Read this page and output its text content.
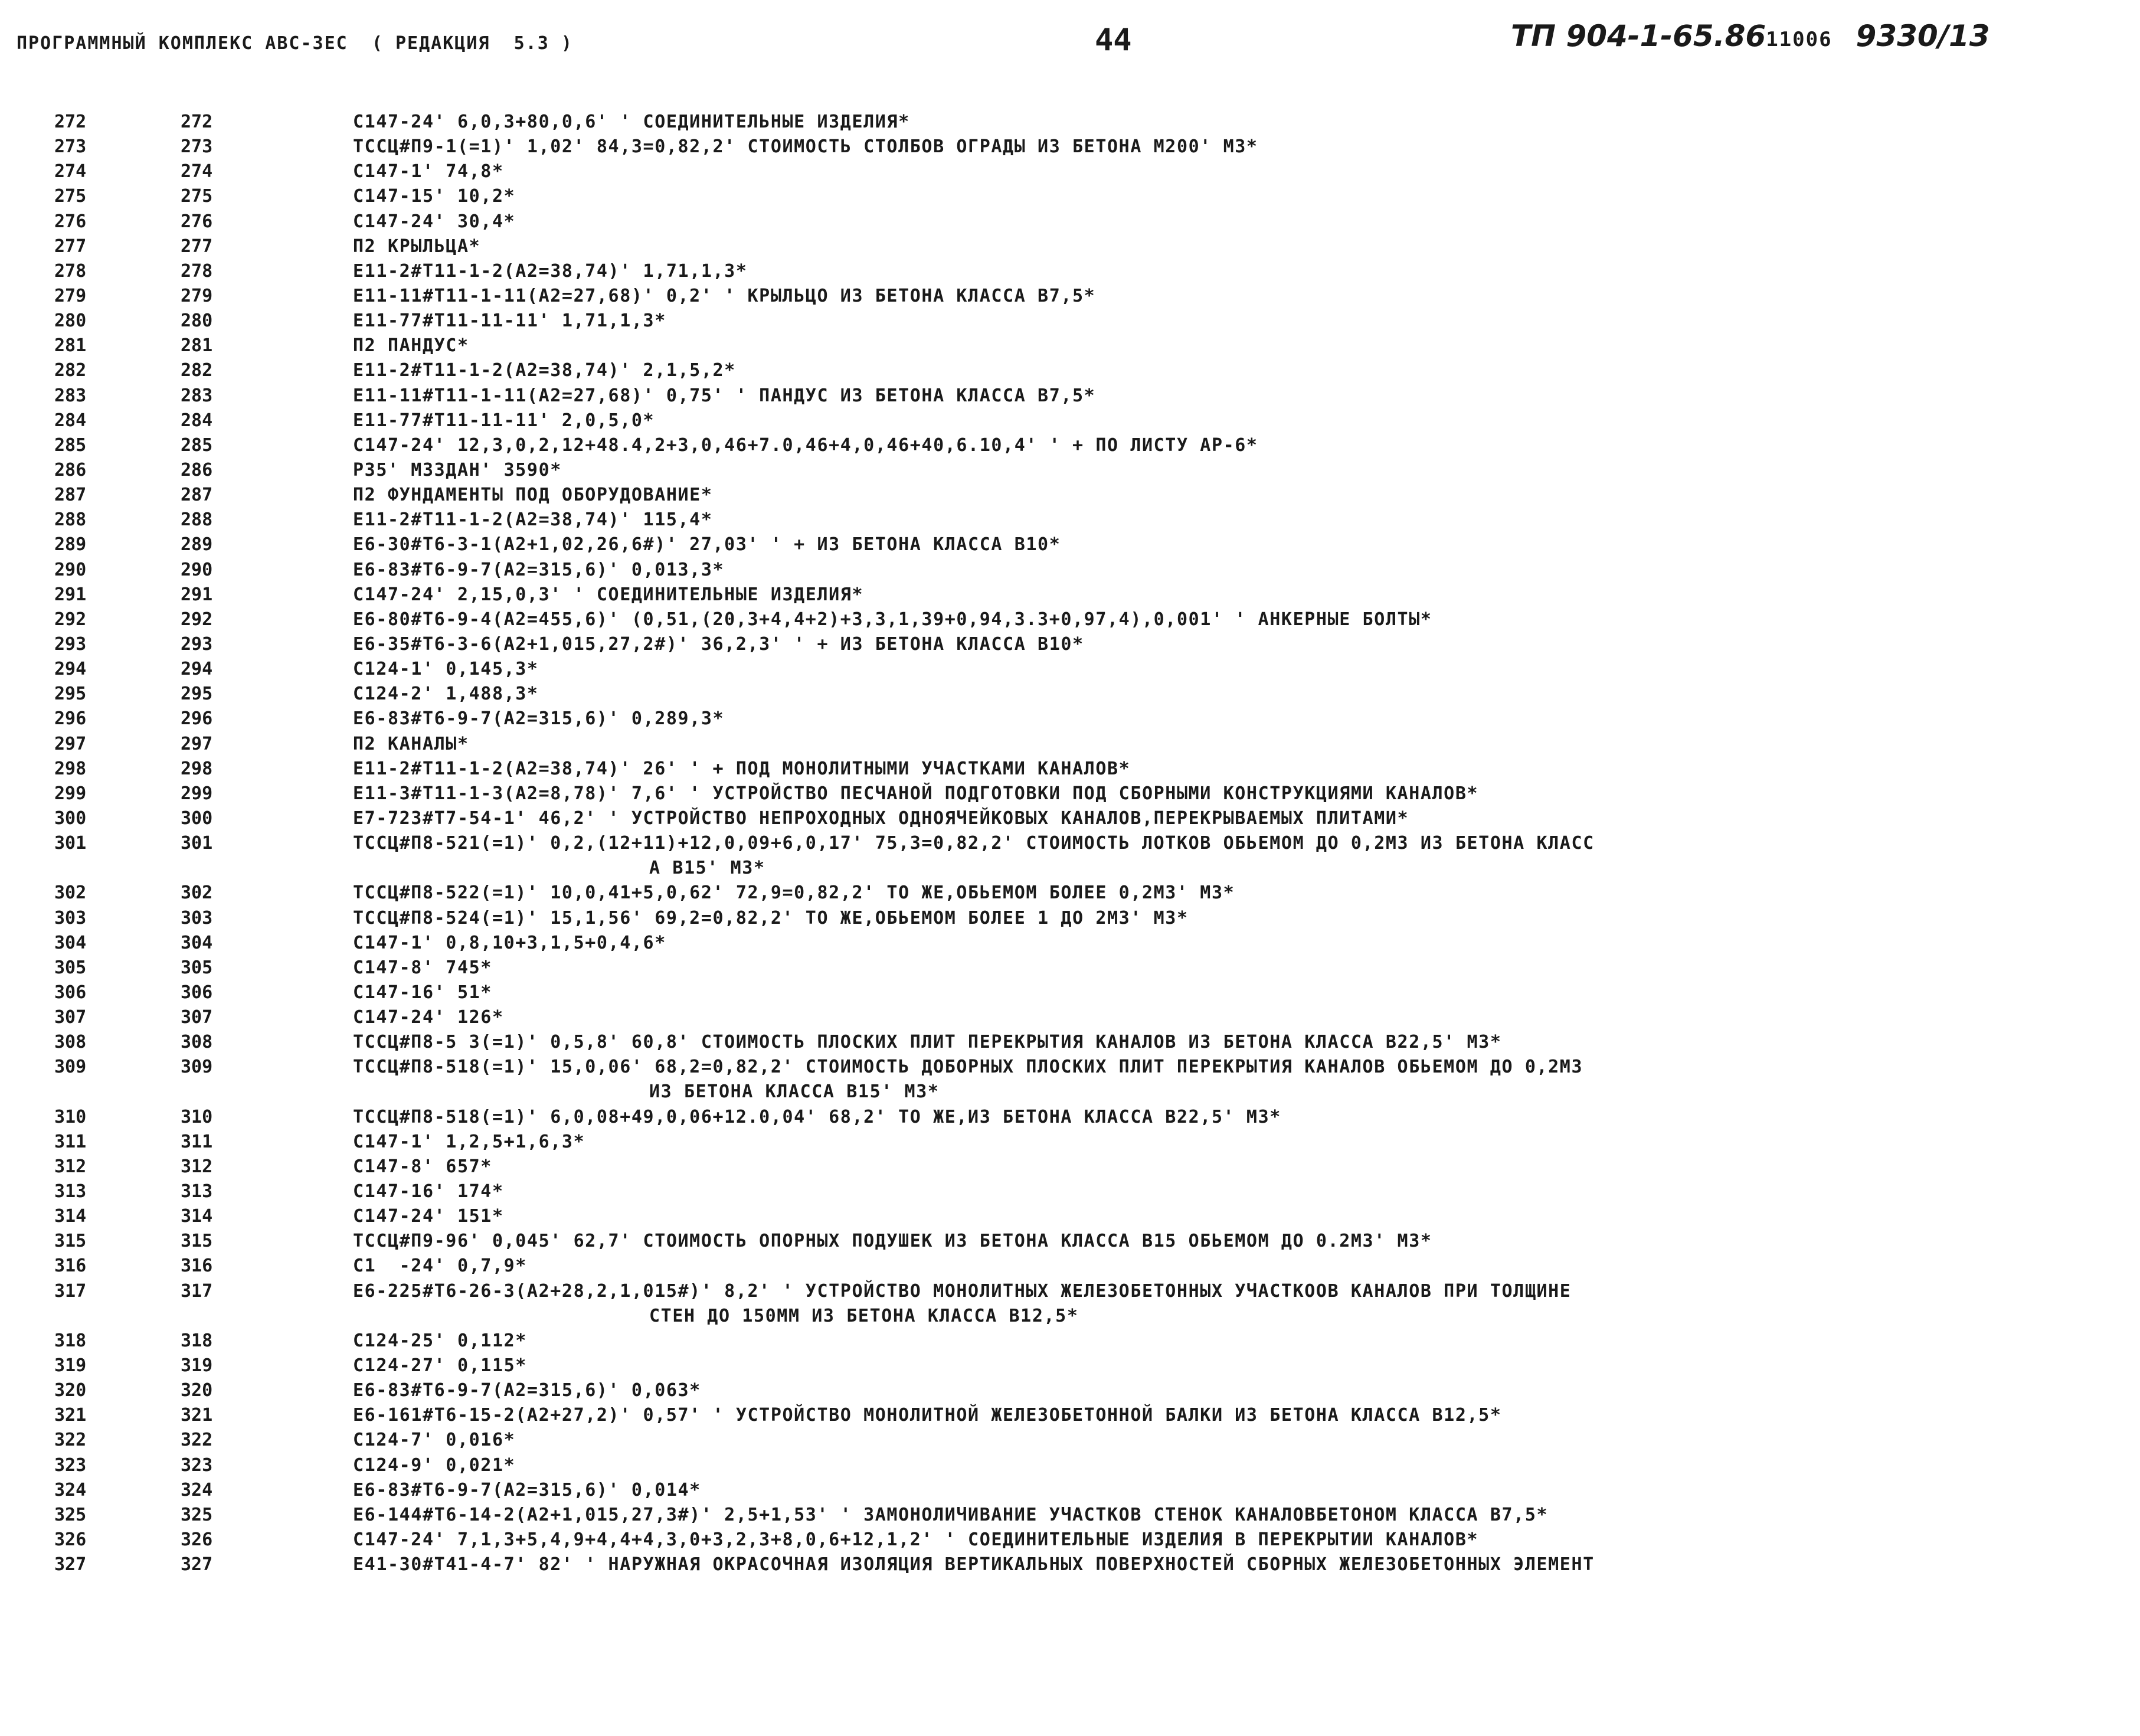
ПРОГРАММНЫЙ КОМПЛЕКС АВС-ЗЕС  ( РЕДАКЦИЯ  5.3 )	44	ТП 904-1-65.8611006 9330/13
272	272	C147-24' 6,0,3+80,0,6' ' СОЕДИНИТЕЛЬНЫЕ ИЗДЕЛИЯ*
273	273	ТССЦ#П9-1(=1)' 1,02' 84,3=0,82,2' СТОИМОСТЬ СТОЛБОВ ОГРАДЫ ИЗ БЕТОНА М200' МЗ*
274	274	C147-1' 74,8*
275	275	C147-15' 10,2*
276	276	C147-24' 30,4*
277	277	П2 КРЫЛЬЦА*
278	278	E11-2#T11-1-2(A2=38,74)' 1,71,1,3*
279	279	E11-11#T11-1-11(A2=27,68)' 0,2' ' КРЫЛЬЦО ИЗ БЕТОНА КЛАССА В7,5*
280	280	E11-77#T11-11-11' 1,71,1,3*
281	281	П2 ПАНДУС*
282	282	E11-2#T11-1-2(A2=38,74)' 2,1,5,2*
283	283	E11-11#T11-1-11(A2=27,68)' 0,75' ' ПАНДУС ИЗ БЕТОНА КЛАССА В7,5*
284	284	E11-77#T11-11-11' 2,0,5,0*
285	285	C147-24' 12,3,0,2,12+48.4,2+3,0,46+7.0,46+4,0,46+40,6.10,4' ' + ПО ЛИСТУ АР-6*
286	286	P35' МЗЗДАН' 3590*
287	287	П2 ФУНДАМЕНТЫ ПОД ОБОРУДОВАНИЕ*
288	288	E11-2#T11-1-2(A2=38,74)' 115,4*
289	289	E6-30#T6-3-1(A2+1,02,26,6#)' 27,03' ' + ИЗ БЕТОНА КЛАССА В10*
290	290	E6-83#T6-9-7(A2=315,6)' 0,013,3*
291	291	C147-24' 2,15,0,3' ' СОЕДИНИТЕЛЬНЫЕ ИЗДЕЛИЯ*
292	292	E6-80#T6-9-4(A2=455,6)' (0,51,(20,3+4,4+2)+3,3,1,39+0,94,3.3+0,97,4),0,001' ' АНКЕРНЫЕ БОЛТЫ*
293	293	E6-35#T6-3-6(A2+1,015,27,2#)' 36,2,3' ' + ИЗ БЕТОНА КЛАССА В10*
294	294	C124-1' 0,145,3*
295	295	C124-2' 1,488,3*
296	296	E6-83#T6-9-7(A2=315,6)' 0,289,3*
297	297	П2 КАНАЛЫ*
298	298	E11-2#T11-1-2(A2=38,74)' 26' ' + ПОД МОНОЛИТНЫМИ УЧАСТКАМИ КАНАЛОВ*
299	299	E11-3#T11-1-3(A2=8,78)' 7,6' ' УСТРОЙСТВО ПЕСЧАНОЙ ПОДГОТОВКИ ПОД СБОРНЫМИ КОНСТРУКЦИЯМИ КАНАЛОВ*
300	300	E7-723#T7-54-1' 46,2' ' УСТРОЙСТВО НЕПРОХОДНЫХ ОДНОЯЧЕЙКОВЫХ КАНАЛОВ,ПЕРЕКРЫВАЕМЫХ ПЛИТАМИ*
301	301	ТССЦ#П8-521(=1)' 0,2,(12+11)+12,0,09+6,0,17' 75,3=0,82,2' СТОИМОСТЬ ЛОТКОВ ОБЬЕМОМ ДО 0,2МЗ ИЗ БЕТОНА КЛАСС
А В15' МЗ*
302	302	ТССЦ#П8-522(=1)' 10,0,41+5,0,62' 72,9=0,82,2' ТО ЖЕ,ОБЬЕМОМ БОЛЕЕ 0,2МЗ' МЗ*
303	303	ТССЦ#П8-524(=1)' 15,1,56' 69,2=0,82,2' ТО ЖЕ,ОБЬЕМОМ БОЛЕЕ 1 ДО 2МЗ' МЗ*
304	304	C147-1' 0,8,10+3,1,5+0,4,6*
305	305	C147-8' 745*
306	306	C147-16' 51*
307	307	C147-24' 126*
308	308	ТССЦ#П8-5 3(=1)' 0,5,8' 60,8' СТОИМОСТЬ ПЛОСКИХ ПЛИТ ПЕРЕКРЫТИЯ КАНАЛОВ ИЗ БЕТОНА КЛАССА В22,5' МЗ*
309	309	ТССЦ#П8-518(=1)' 15,0,06' 68,2=0,82,2' СТОИМОСТЬ ДОБОРНЫХ ПЛОСКИХ ПЛИТ ПЕРЕКРЫТИЯ КАНАЛОВ ОБЬЕМОМ ДО 0,2МЗ
ИЗ БЕТОНА КЛАССА В15' МЗ*
310	310	ТССЦ#П8-518(=1)' 6,0,08+49,0,06+12.0,04' 68,2' ТО ЖЕ,ИЗ БЕТОНА КЛАССА В22,5' МЗ*
311	311	C147-1' 1,2,5+1,6,3*
312	312	C147-8' 657*
313	313	C147-16' 174*
314	314	C147-24' 151*
315	315	ТССЦ#П9-96' 0,045' 62,7' СТОИМОСТЬ ОПОРНЫХ ПОДУШЕК ИЗ БЕТОНА КЛАССА В15 ОБЬЕМОМ ДО 0.2МЗ' МЗ*
316	316	C1  -24' 0,7,9*
317	317	E6-225#T6-26-3(A2+28,2,1,015#)' 8,2' ' УСТРОЙСТВО МОНОЛИТНЫХ ЖЕЛЕЗОБЕТОННЫХ УЧАСТКООВ КАНАЛОВ ПРИ ТОЛЩИНЕ
СТЕН ДО 150ММ ИЗ БЕТОНА КЛАССА В12,5*
318	318	C124-25' 0,112*
319	319	C124-27' 0,115*
320	320	E6-83#T6-9-7(A2=315,6)' 0,063*
321	321	E6-161#T6-15-2(A2+27,2)' 0,57' ' УСТРОЙСТВО МОНОЛИТНОЙ ЖЕЛЕЗОБЕТОННОЙ БАЛКИ ИЗ БЕТОНА КЛАССА В12,5*
322	322	C124-7' 0,016*
323	323	C124-9' 0,021*
324	324	E6-83#T6-9-7(A2=315,6)' 0,014*
325	325	E6-144#T6-14-2(A2+1,015,27,3#)' 2,5+1,53' ' ЗАМОНОЛИЧИВАНИЕ УЧАСТКОВ СТЕНОК КАНАЛОВБЕТОНОМ КЛАССА В7,5*
326	326	C147-24' 7,1,3+5,4,9+4,4+4,3,0+3,2,3+8,0,6+12,1,2' ' СОЕДИНИТЕЛЬНЫЕ ИЗДЕЛИЯ В ПЕРЕКРЫТИИ КАНАЛОВ*
327	327	E41-30#T41-4-7' 82' ' НАРУЖНАЯ ОКРАСОЧНАЯ ИЗОЛЯЦИЯ ВЕРТИКАЛЬНЫХ ПОВЕРХНОСТЕЙ СБОРНЫХ ЖЕЛЕЗОБЕТОННЫХ ЭЛЕМЕНТ
